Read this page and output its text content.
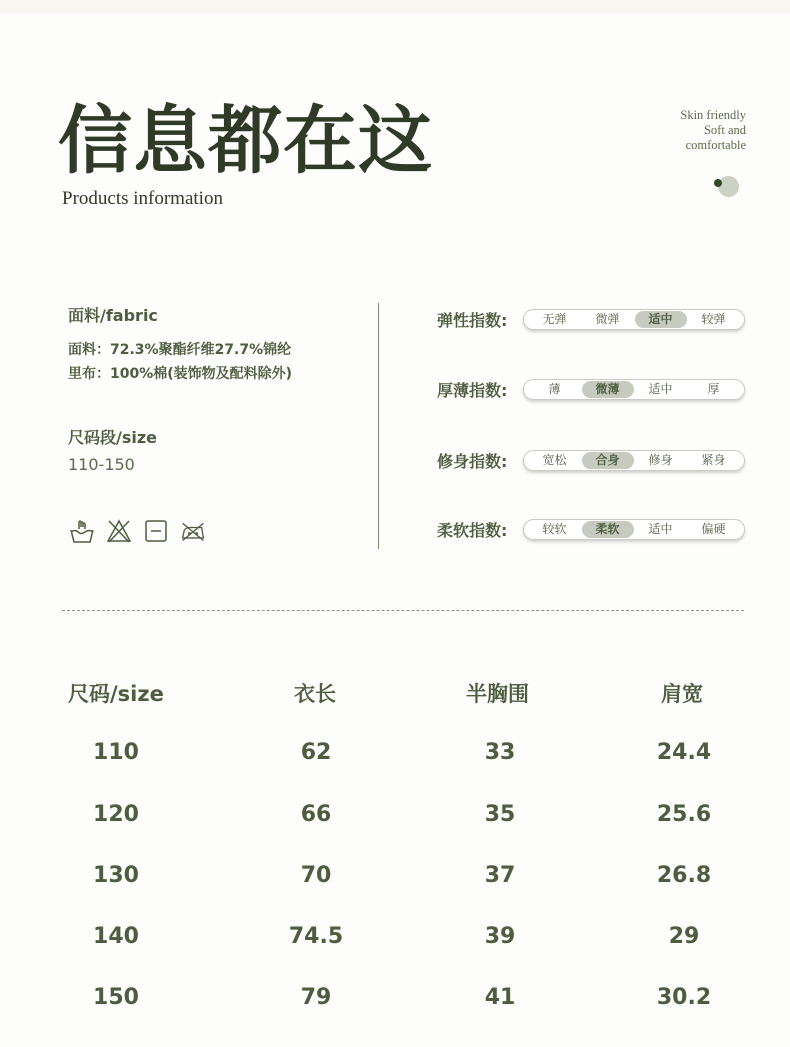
信息都在这
Products information
Skin friendly
Soft and
comfortable
面料/fabric
面料：72.3%聚酯纤维27.7%锦纶
里布：100%棉(装饰物及配料除外)
尺码段/size
110-150
弹性指数:	无弹	微弹	适中	较弹
厚薄指数:	薄	微薄	适中	厚
修身指数:	宽松	合身	修身	紧身
柔软指数:	较软	柔软	适中	偏硬
尺码/size	衣长	半胸围	肩宽
110	62	33	24.4
120	66	35	25.6
130	70	37	26.8
140	74.5	39	29
150	79	41	30.2
